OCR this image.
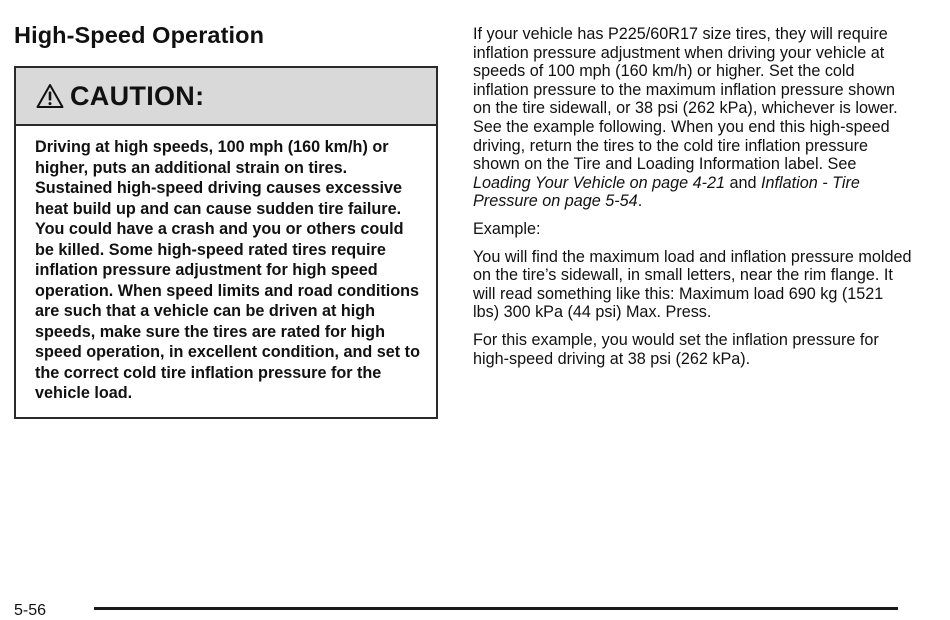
High-Speed Operation
CAUTION:

Driving at high speeds, 100 mph (160 km/h) or higher, puts an additional strain on tires. Sustained high-speed driving causes excessive heat build up and can cause sudden tire failure. You could have a crash and you or others could be killed. Some high-speed rated tires require inflation pressure adjustment for high speed operation. When speed limits and road conditions are such that a vehicle can be driven at high speeds, make sure the tires are rated for high speed operation, in excellent condition, and set to the correct cold tire inflation pressure for the vehicle load.

If your vehicle has P225/60R17 size tires, they will require inflation pressure adjustment when driving your vehicle at speeds of 100 mph (160 km/h) or higher. Set the cold inflation pressure to the maximum inflation pressure shown on the tire sidewall, or 38 psi (262 kPa), whichever is lower. See the example following. When you end this high-speed driving, return the tires to the cold tire inflation pressure shown on the Tire and Loading Information label. See Loading Your Vehicle on page 4-21 and Inflation - Tire Pressure on page 5-54.

Example:

You will find the maximum load and inflation pressure molded on the tire’s sidewall, in small letters, near the rim flange. It will read something like this: Maximum load 690 kg (1521 lbs) 300 kPa (44 psi) Max. Press.

For this example, you would set the inflation pressure for high-speed driving at 38 psi (262 kPa).

5-56
